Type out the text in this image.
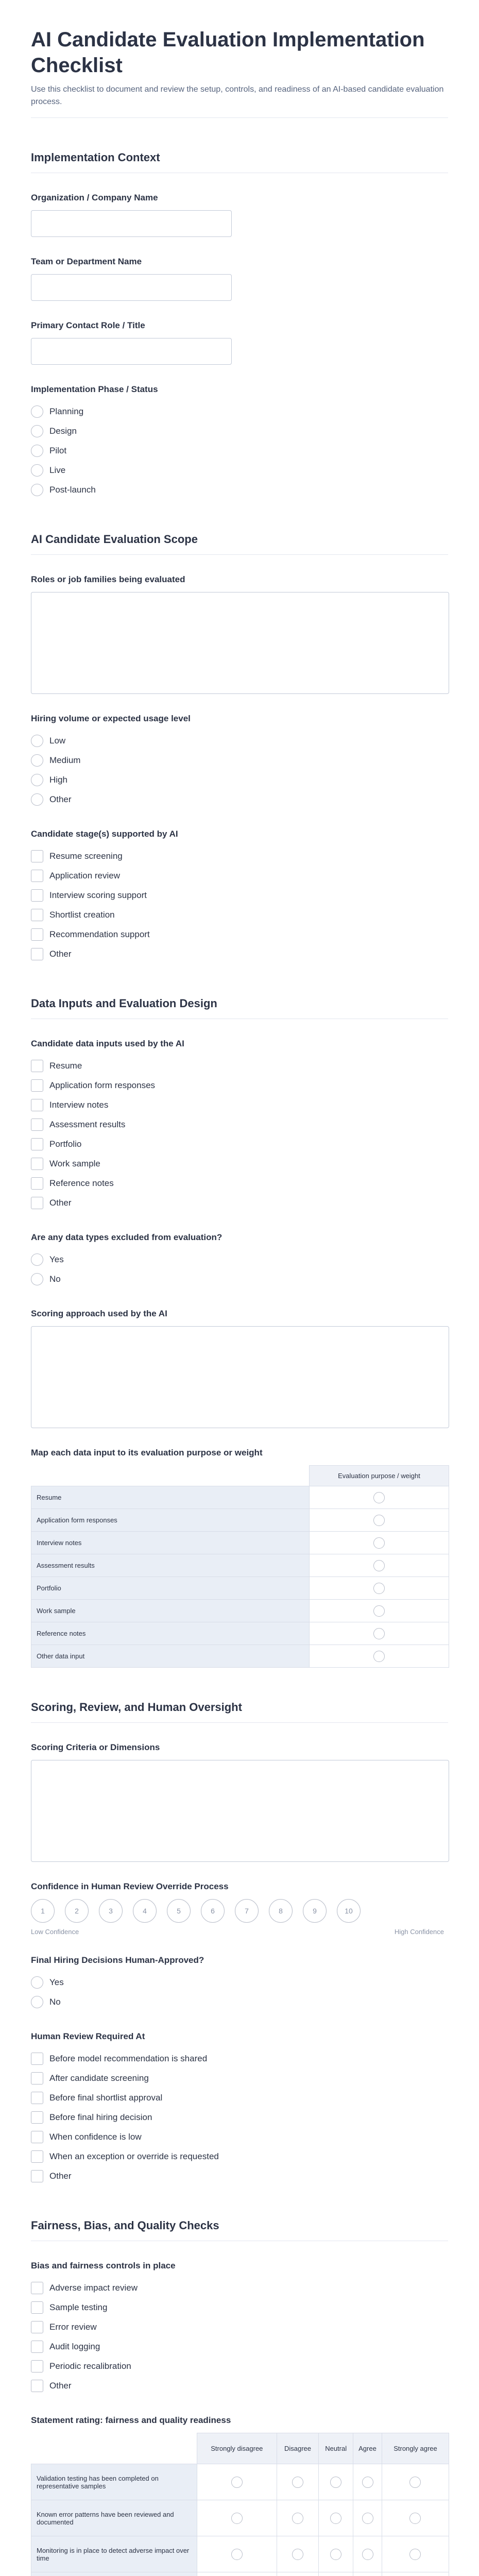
AI Candidate Evaluation Implementation Checklist
Use this checklist to document and review the setup, controls, and readiness of an AI-based candidate evaluation process.
Implementation Context
Organization / Company Name
Team or Department Name
Primary Contact Role / Title
Implementation Phase / Status
Planning
Design
Pilot
Live
Post-launch
AI Candidate Evaluation Scope
Roles or job families being evaluated
Hiring volume or expected usage level
Low
Medium
High
Other
Candidate stage(s) supported by AI
Resume screening
Application review
Interview scoring support
Shortlist creation
Recommendation support
Other
Data Inputs and Evaluation Design
Candidate data inputs used by the AI
Resume
Application form responses
Interview notes
Assessment results
Portfolio
Work sample
Reference notes
Other
Are any data types excluded from evaluation?
Yes
No
Scoring approach used by the AI
Map each data input to its evaluation purpose or weight
	Evaluation purpose / weight
Resume	
Application form responses	
Interview notes	
Assessment results	
Portfolio	
Work sample	
Reference notes	
Other data input	
Scoring, Review, and Human Oversight
Scoring Criteria or Dimensions
Confidence in Human Review Override Process
1	2	3	4	5	6	7	8	9	10
Low Confidence	High Confidence
Final Hiring Decisions Human-Approved?
Yes
No
Human Review Required At
Before model recommendation is shared
After candidate screening
Before final shortlist approval
Before final hiring decision
When confidence is low
When an exception or override is requested
Other
Fairness, Bias, and Quality Checks
Bias and fairness controls in place
Adverse impact review
Sample testing
Error review
Audit logging
Periodic recalibration
Other
Statement rating: fairness and quality readiness
	Strongly disagree	Disagree	Neutral	Agree	Strongly agree
Validation testing has been completed on representative samples					
Known error patterns have been reviewed and documented					
Monitoring is in place to detect adverse impact over time					
